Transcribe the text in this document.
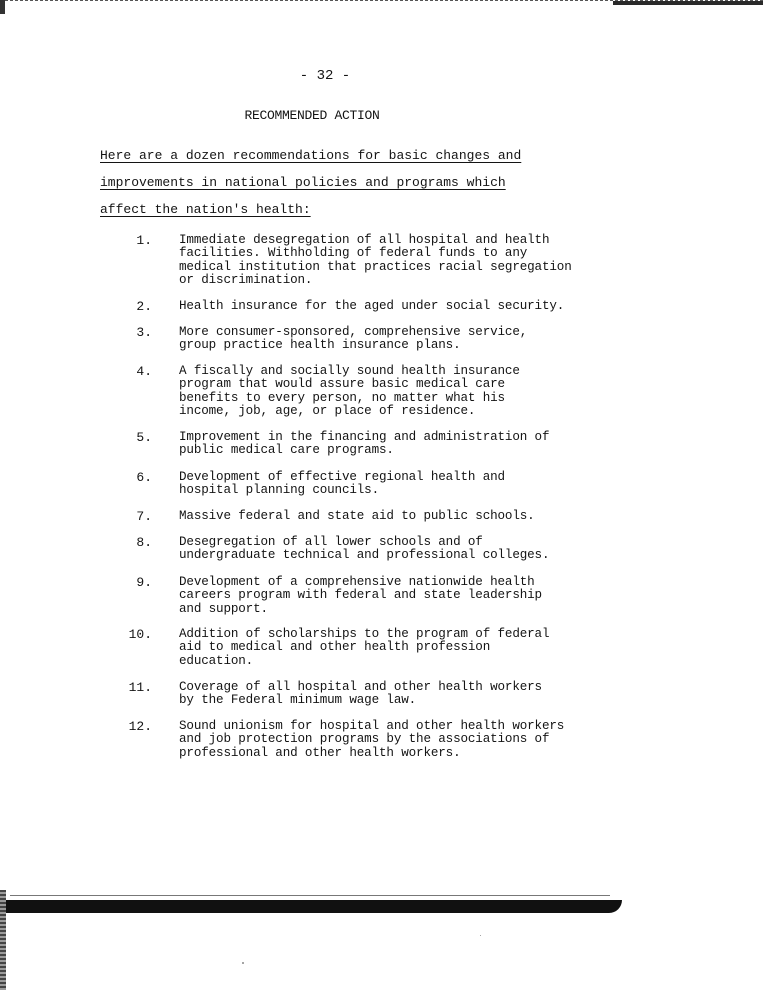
- 32 -
RECOMMENDED ACTION
Here are a dozen recommendations for basic changes and
improvements in national policies and programs which
affect the nation's health:
1. Immediate desegregation of all hospital and health
facilities. Withholding of federal funds to any
medical institution that practices racial segregation
or discrimination.
2. Health insurance for the aged under social security.
3. More consumer-sponsored, comprehensive service,
group practice health insurance plans.
4. A fiscally and socially sound health insurance
program that would assure basic medical care
benefits to every person, no matter what his
income, job, age, or place of residence.
5. Improvement in the financing and administration of
public medical care programs.
6. Development of effective regional health and
hospital planning councils.
7. Massive federal and state aid to public schools.
8. Desegregation of all lower schools and of
undergraduate technical and professional colleges.
9. Development of a comprehensive nationwide health
careers program with federal and state leadership
and support.
10. Addition of scholarships to the program of federal
aid to medical and other health profession
education.
11. Coverage of all hospital and other health workers
by the Federal minimum wage law.
12. Sound unionism for hospital and other health workers
and job protection programs by the associations of
professional and other health workers.
